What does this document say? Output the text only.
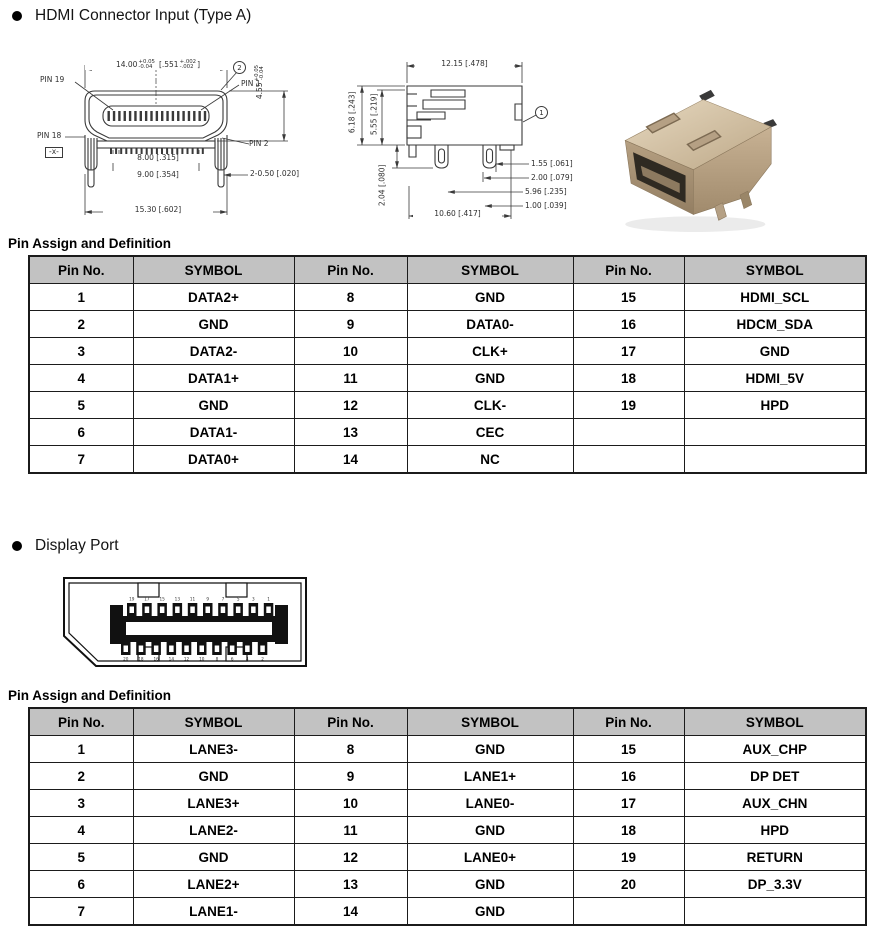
HDMI Connector Input (Type A)
14.00 +0.05
-0.04 [.551 +.002
-.002 ]
4.55
+0.05 -0.04
PIN 19	PIN 1
PIN 18
PIN 2
-x-
2
8.00 [.315]
9.00 [.354]	2-0.50 [.020]
15.30 [.602]
12.15 [.478]
6.18 [.243] 5.55 [.219]
2.04 [.080]
1.55 [.061]
2.00 [.079]
5.96 [.235]
1.00 [.039]
10.60 [.417]
1
Pin Assign and Definition
Pin No.	SYMBOL	Pin No.	SYMBOL	Pin No.	SYMBOL
1	DATA2+	8	GND	15	HDMI_SCL
2	GND	9	DATA0-	16	HDCM_SDA
3	DATA2-	10	CLK+	17	GND
4	DATA1+	11	GND	18	HDMI_5V
5	GND	12	CLK-	19	HPD
6	DATA1-	13	CEC		
7	DATA0+	14	NC		
Display Port
19 17 15 13 11	9	7	5	3	1
20 18 16 14 12 10	8	6	4	2
Pin Assign and Definition
Pin No.	SYMBOL	Pin No.	SYMBOL	Pin No.	SYMBOL
1	LANE3-	8	GND	15	AUX_CHP
2	GND	9	LANE1+	16	DP DET
3	LANE3+	10	LANE0-	17	AUX_CHN
4	LANE2-	11	GND	18	HPD
5	GND	12	LANE0+	19	RETURN
6	LANE2+	13	GND	20	DP_3.3V
7	LANE1-	14	GND		
